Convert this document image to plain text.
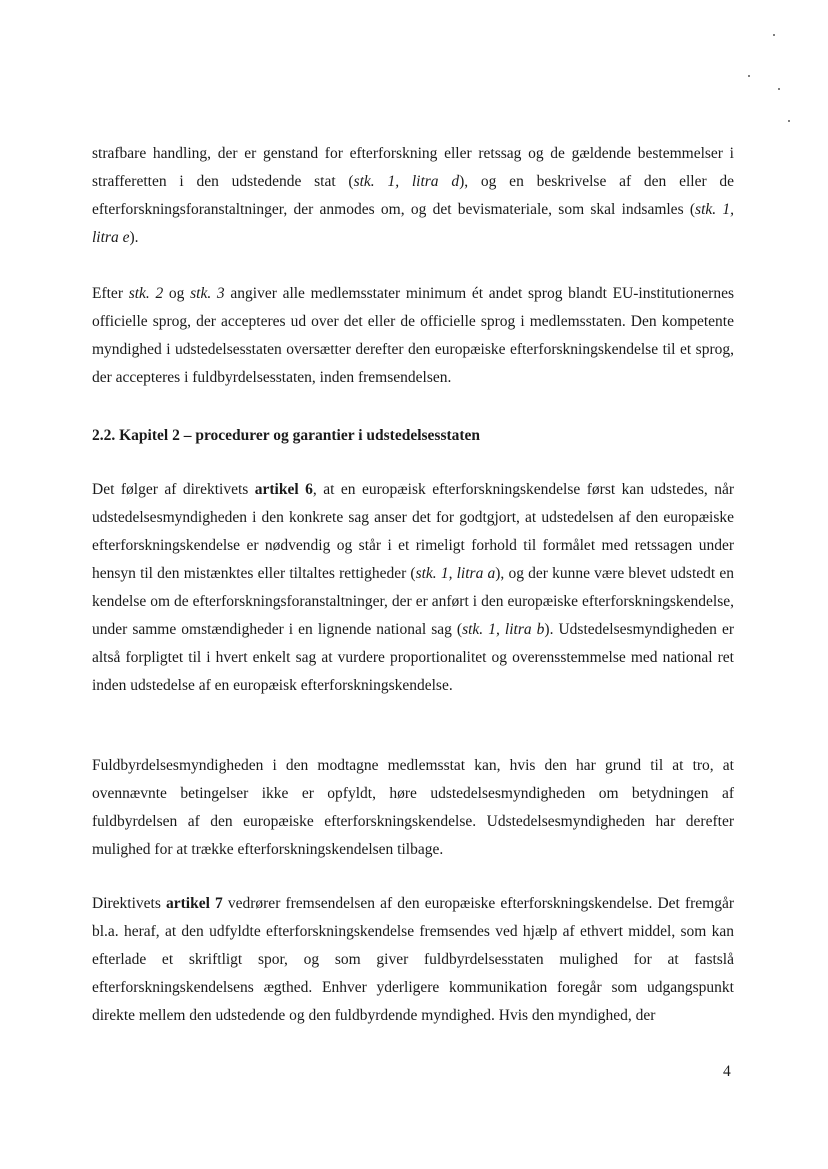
strafbare handling, der er genstand for efterforskning eller retssag og de gældende bestemmelser i strafferetten i den udstedende stat (stk. 1, litra d), og en beskrivelse af den eller de efterforskningsforanstaltninger, der anmodes om, og det bevismateriale, som skal indsamles (stk. 1, litra e).

Efter stk. 2 og stk. 3 angiver alle medlemsstater minimum ét andet sprog blandt EU-institutionernes officielle sprog, der accepteres ud over det eller de officielle sprog i medlemsstaten. Den kompetente myndighed i udstedelsesstaten oversætter derefter den europæiske efterforskningskendelse til et sprog, der accepteres i fuldbyrdelsesstaten, inden fremsendelsen.

2.2. Kapitel 2 – procedurer og garantier i udstedelsesstaten

Det følger af direktivets artikel 6, at en europæisk efterforskningskendelse først kan udstedes, når udstedelsesmyndigheden i den konkrete sag anser det for godtgjort, at udstedelsen af den europæiske efterforskningskendelse er nødvendig og står i et rimeligt forhold til formålet med retssagen under hensyn til den mistænktes eller tiltaltes rettigheder (stk. 1, litra a), og der kunne være blevet udstedt en kendelse om de efterforskningsforanstaltninger, der er anført i den europæiske efterforskningskendelse, under samme omstændigheder i en lignende national sag (stk. 1, litra b). Udstedelsesmyndigheden er altså forpligtet til i hvert enkelt sag at vurdere proportionalitet og overensstemmelse med national ret inden udstedelse af en europæisk efterforskningskendelse.

Fuldbyrdelsesmyndigheden i den modtagne medlemsstat kan, hvis den har grund til at tro, at ovennævnte betingelser ikke er opfyldt, høre udstedelsesmyndigheden om betydningen af fuldbyrdelsen af den europæiske efterforskningskendelse. Udstedelsesmyndigheden har derefter mulighed for at trække efterforskningskendelsen tilbage.

Direktivets artikel 7 vedrører fremsendelsen af den europæiske efterforskningskendelse. Det fremgår bl.a. heraf, at den udfyldte efterforskningskendelse fremsendes ved hjælp af ethvert middel, som kan efterlade et skriftligt spor, og som giver fuldbyrdelsesstaten mulighed for at fastslå efterforskningskendelsens ægthed. Enhver yderligere kommunikation foregår som udgangspunkt direkte mellem den udstedende og den fuldbyrdende myndighed. Hvis den myndighed, der

4
